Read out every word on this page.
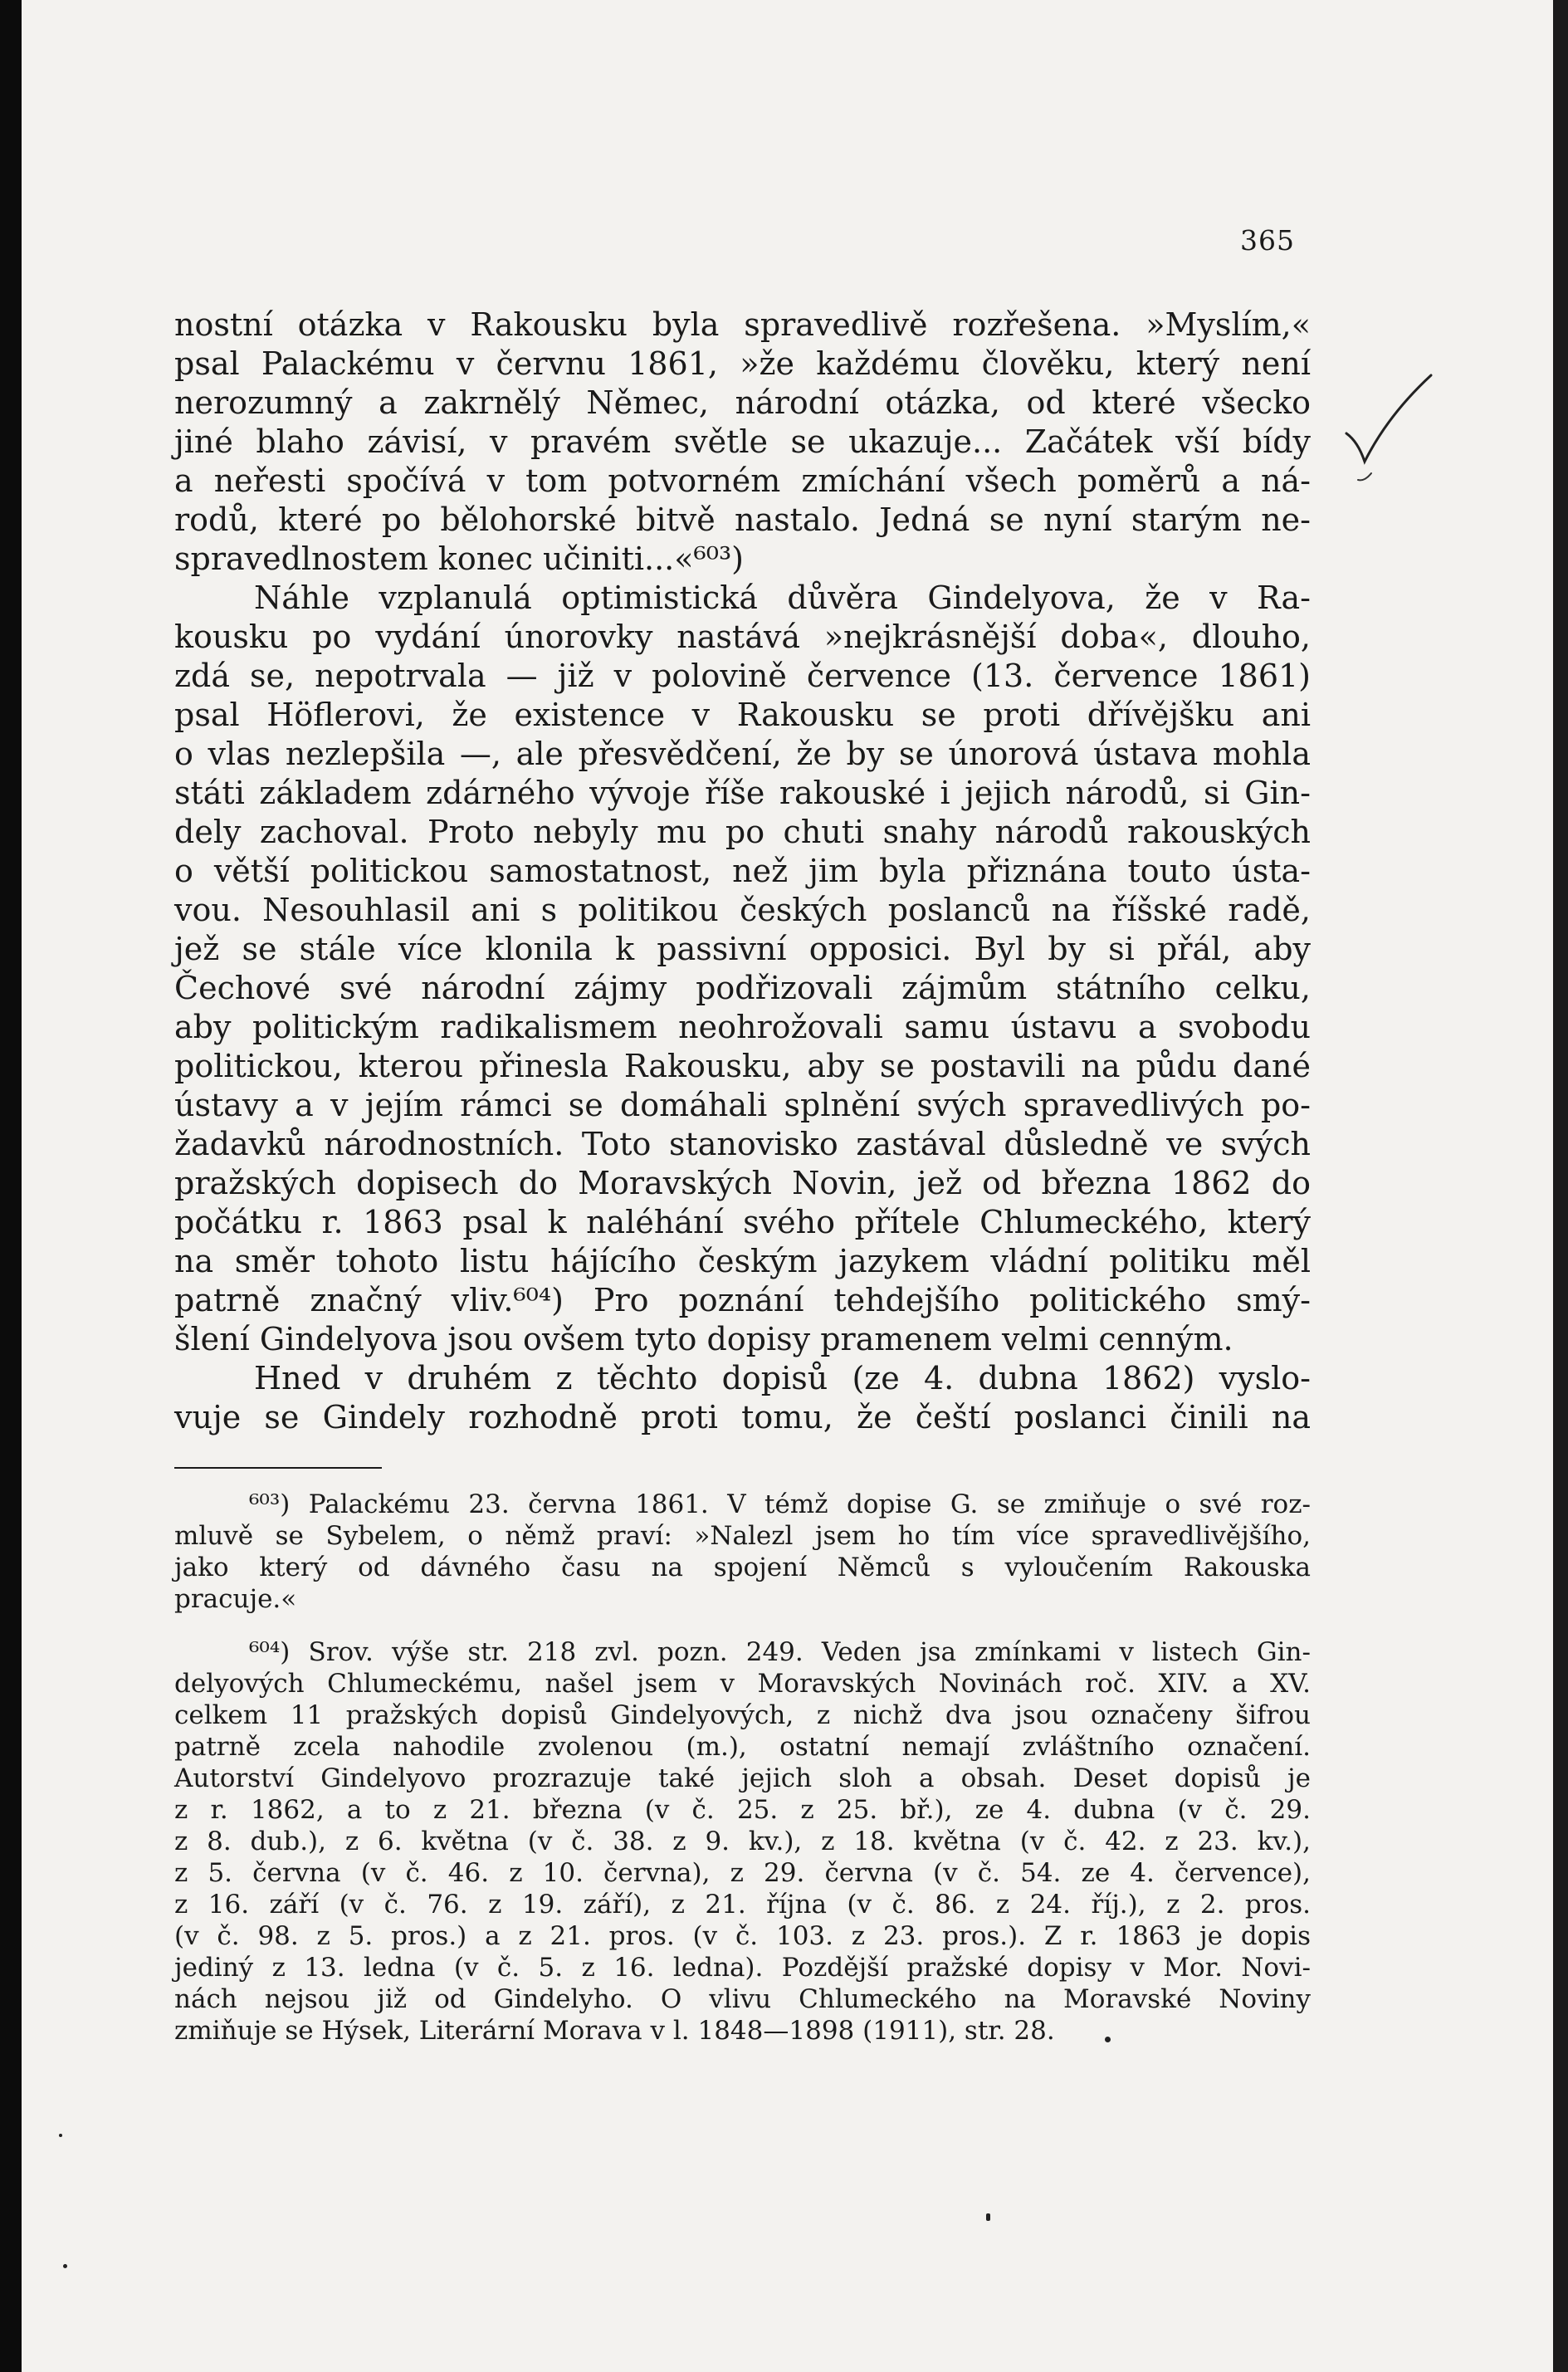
365
nostní otázka v Rakousku byla spravedlivě rozřešena. »Myslím,«
psal Palackému v červnu 1861, »že každému člověku, který není
nerozumný a zakrnělý Němec, národní otázka, od které všecko
jiné blaho závisí, v pravém světle se ukazuje... Začátek vší bídy
a neřesti spočívá v tom potvorném zmíchání všech poměrů a ná-
rodů, které po bělohorské bitvě nastalo. Jedná se nyní starým ne-
spravedlnostem konec učiniti...«⁶⁰³)
Náhle vzplanulá optimistická důvěra Gindelyova, že v Ra-
kousku po vydání únorovky nastává »nejkrásnější doba«, dlouho,
zdá se, nepotrvala — již v polovině července (13. července 1861)
psal Höflerovi, že existence v Rakousku se proti dřívějšku ani
o vlas nezlepšila —, ale přesvědčení, že by se únorová ústava mohla
státi základem zdárného vývoje říše rakouské i jejich národů, si Gin-
dely zachoval. Proto nebyly mu po chuti snahy národů rakouských
o větší politickou samostatnost, než jim byla přiznána touto ústa-
vou. Nesouhlasil ani s politikou českých poslanců na říšské radě,
jež se stále více klonila k passivní opposici. Byl by si přál, aby
Čechové své národní zájmy podřizovali zájmům státního celku,
aby politickým radikalismem neohrožovali samu ústavu a svobodu
politickou, kterou přinesla Rakousku, aby se postavili na půdu dané
ústavy a v jejím rámci se domáhali splnění svých spravedlivých po-
žadavků národnostních. Toto stanovisko zastával důsledně ve svých
pražských dopisech do Moravských Novin, jež od března 1862 do
počátku r. 1863 psal k naléhání svého přítele Chlumeckého, který
na směr tohoto listu hájícího českým jazykem vládní politiku měl
patrně značný vliv.⁶⁰⁴) Pro poznání tehdejšího politického smý-
šlení Gindelyova jsou ovšem tyto dopisy pramenem velmi cenným.
Hned v druhém z těchto dopisů (ze 4. dubna 1862) vyslo-
vuje se Gindely rozhodně proti tomu, že čeští poslanci činili na
⁶⁰³) Palackému 23. června 1861. V témž dopise G. se zmiňuje o své roz-
mluvě se Sybelem, o němž praví: »Nalezl jsem ho tím více spravedlivějšího,
jako který od dávného času na spojení Němců s vyloučením Rakouska
pracuje.«
⁶⁰⁴) Srov. výše str. 218 zvl. pozn. 249. Veden jsa zmínkami v listech Gin-
delyových Chlumeckému, našel jsem v Moravských Novinách roč. XIV. a XV.
celkem 11 pražských dopisů Gindelyových, z nichž dva jsou označeny šifrou
patrně zcela nahodile zvolenou (m.), ostatní nemají zvláštního označení.
Autorství Gindelyovo prozrazuje také jejich sloh a obsah. Deset dopisů je
z r. 1862, a to z 21. března (v č. 25. z 25. bř.), ze 4. dubna (v č. 29.
z 8. dub.), z 6. května (v č. 38. z 9. kv.), z 18. května (v č. 42. z 23. kv.),
z 5. června (v č. 46. z 10. června), z 29. června (v č. 54. ze 4. července),
z 16. září (v č. 76. z 19. září), z 21. října (v č. 86. z 24. říj.), z 2. pros.
(v č. 98. z 5. pros.) a z 21. pros. (v č. 103. z 23. pros.). Z r. 1863 je dopis
jediný z 13. ledna (v č. 5. z 16. ledna). Pozdější pražské dopisy v Mor. Novi-
nách nejsou již od Gindelyho. O vlivu Chlumeckého na Moravské Noviny
zmiňuje se Hýsek, Literární Morava v l. 1848—1898 (1911), str. 28.
